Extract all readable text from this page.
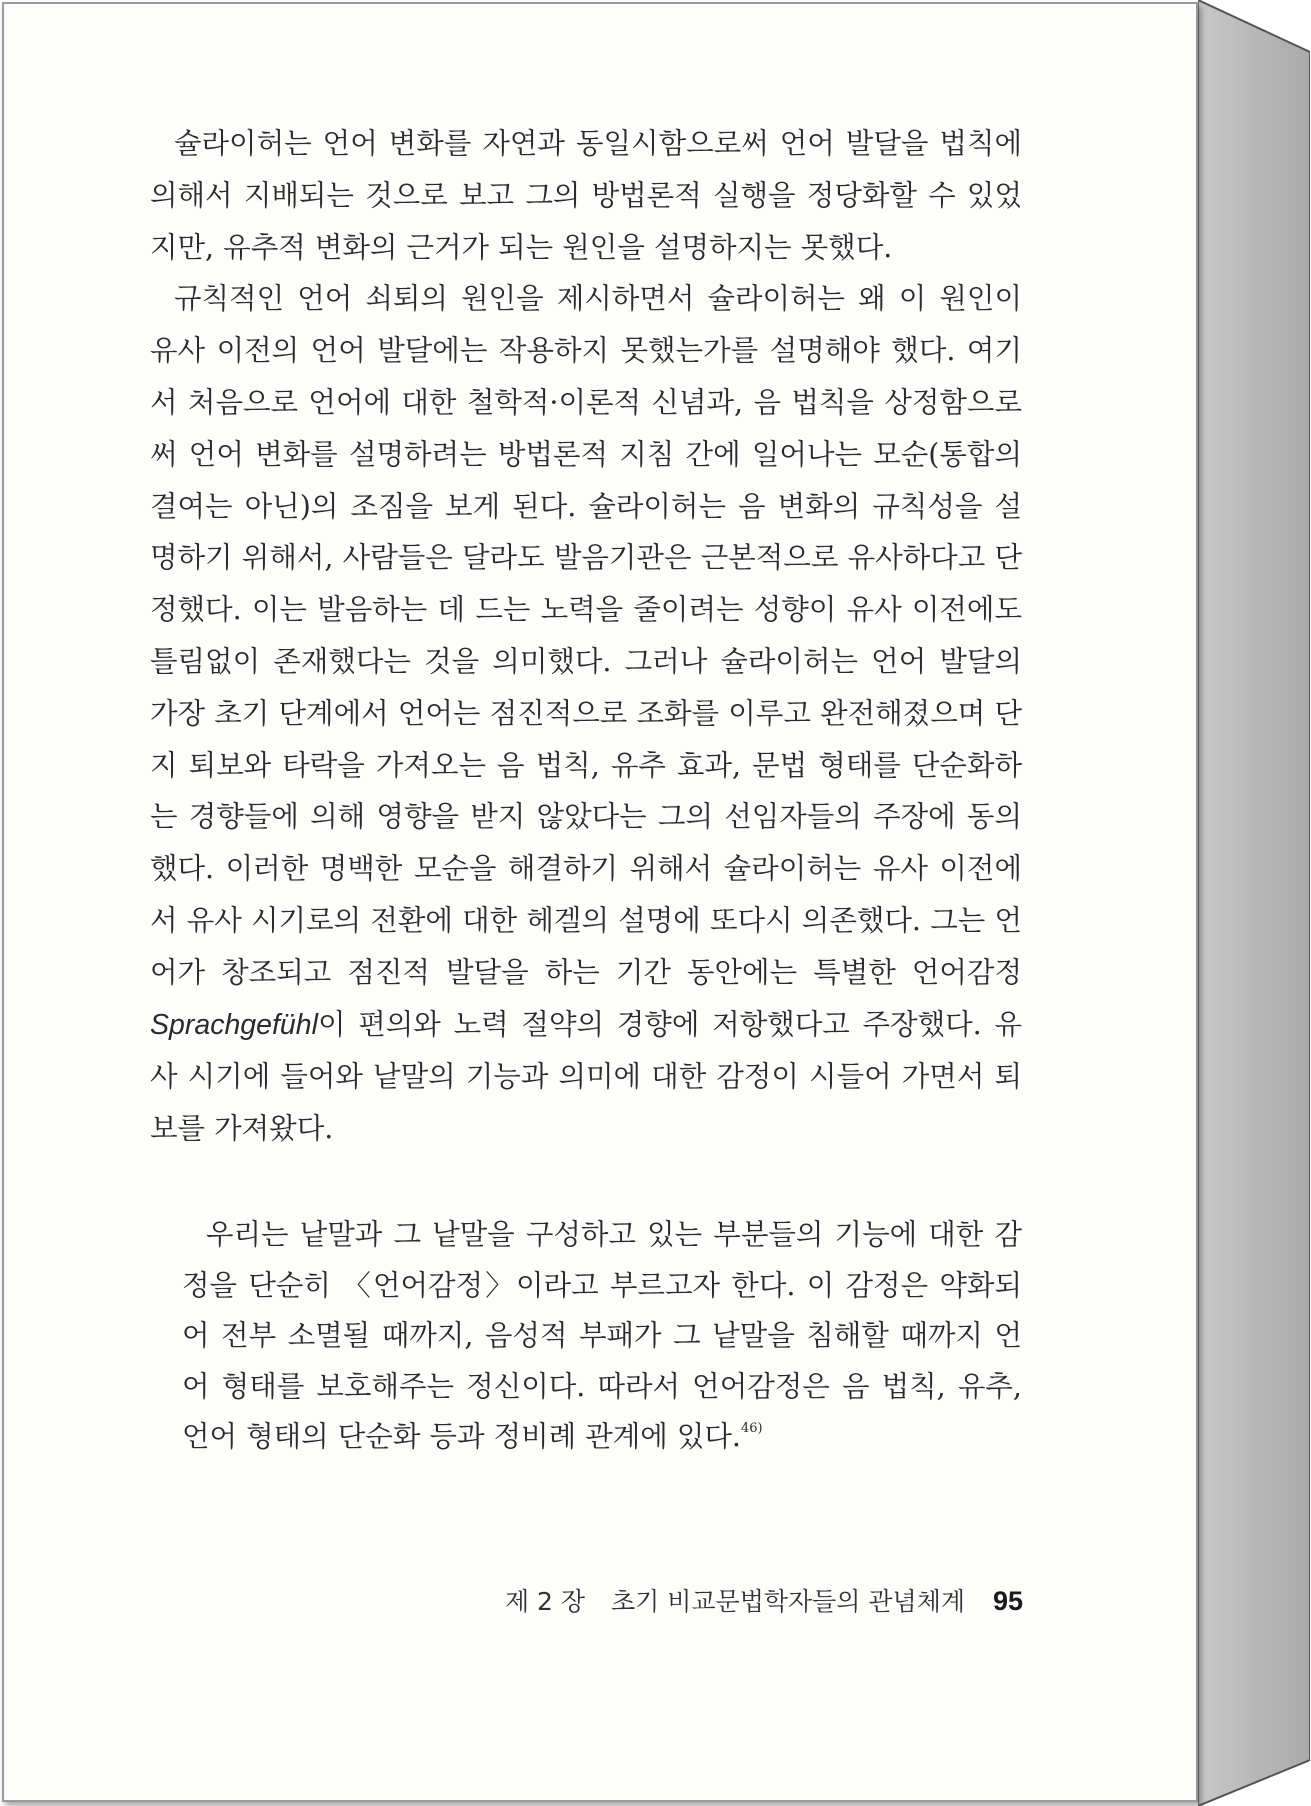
슐라이허는 언어 변화를 자연과 동일시함으로써 언어 발달을 법칙에 의해서 지배되는 것으로 보고 그의 방법론적 실행을 정당화할 수 있었지만, 유추적 변화의 근거가 되는 원인을 설명하지는 못했다.

규칙적인 언어 쇠퇴의 원인을 제시하면서 슐라이허는 왜 이 원인이 유사 이전의 언어 발달에는 작용하지 못했는가를 설명해야 했다. 여기서 처음으로 언어에 대한 철학적·이론적 신념과, 음 법칙을 상정함으로써 언어 변화를 설명하려는 방법론적 지침 간에 일어나는 모순(통합의 결여는 아닌)의 조짐을 보게 된다. 슐라이허는 음 변화의 규칙성을 설명하기 위해서, 사람들은 달라도 발음기관은 근본적으로 유사하다고 단정했다. 이는 발음하는 데 드는 노력을 줄이려는 성향이 유사 이전에도 틀림없이 존재했다는 것을 의미했다. 그러나 슐라이허는 언어 발달의 가장 초기 단계에서 언어는 점진적으로 조화를 이루고 완전해졌으며 단지 퇴보와 타락을 가져오는 음 법칙, 유추 효과, 문법 형태를 단순화하는 경향들에 의해 영향을 받지 않았다는 그의 선임자들의 주장에 동의했다. 이러한 명백한 모순을 해결하기 위해서 슐라이허는 유사 이전에서 유사 시기로의 전환에 대한 헤겔의 설명에 또다시 의존했다. 그는 언어가 창조되고 점진적 발달을 하는 기간 동안에는 특별한 언어감정 Sprachgefühl이 편의와 노력 절약의 경향에 저항했다고 주장했다. 유사 시기에 들어와 낱말의 기능과 의미에 대한 감정이 시들어 가면서 퇴보를 가져왔다.

우리는 낱말과 그 낱말을 구성하고 있는 부분들의 기능에 대한 감정을 단순히 〈언어감정〉이라고 부르고자 한다. 이 감정은 약화되어 전부 소멸될 때까지, 음성적 부패가 그 낱말을 침해할 때까지 언어 형태를 보호해주는 정신이다. 따라서 언어감정은 음 법칙, 유추, 언어 형태의 단순화 등과 정비례 관계에 있다.$^{46)}$

제 2 장 초기 비교문법학자들의 관념체계 95
